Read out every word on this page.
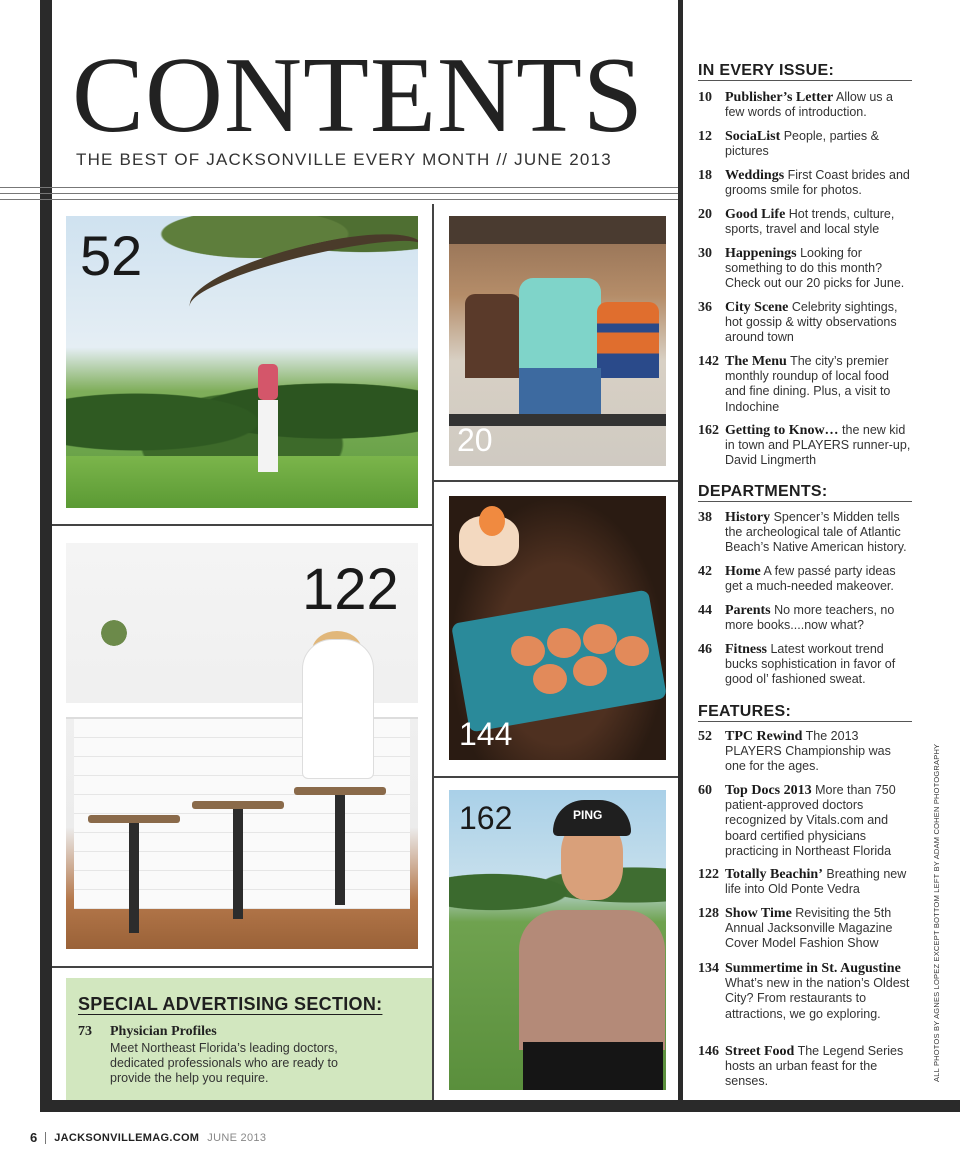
CONTENTS
THE BEST OF JACKSONVILLE EVERY MONTH // JUNE 2013
52
20
122
144
PING
162
SPECIAL ADVERTISING SECTION:
73 Physician Profiles
Meet Northeast Florida’s leading doctors, dedicated professionals who are ready to provide the help you require.
IN EVERY ISSUE:
10 Publisher’s Letter Allow us a few words of introduction.
12 SociaList People, parties & pictures
18 Weddings First Coast brides and grooms smile for photos.
20 Good Life Hot trends, culture, sports, travel and local style
30 Happenings Looking for something to do this month? Check out our 20 picks for June.
36 City Scene Celebrity sightings, hot gossip & witty observations around town
142 The Menu The city’s premier monthly roundup of local food and fine dining. Plus, a visit to Indochine
162 Getting to Know… the new kid in town and PLAYERS runner-up, David Lingmerth
DEPARTMENTS:
38 History Spencer’s Midden tells the archeological tale of Atlantic Beach’s Native American history.
42 Home A few passé party ideas get a much-needed makeover.
44 Parents No more teachers, no more books....now what?
46 Fitness Latest workout trend bucks sophistication in favor of good ol’ fashioned sweat.
FEATURES:
52 TPC Rewind The 2013 PLAYERS Championship was one for the ages.
60 Top Docs 2013 More than 750 patient-approved doctors recognized by Vitals.com and board certified physicians practicing in Northeast Florida
122 Totally Beachin’ Breathing new life into Old Ponte Vedra
128 Show Time Revisiting the 5th Annual Jacksonville Magazine Cover Model Fashion Show
134 Summertime in St. Augustine What’s new in the nation’s Oldest City? From restaurants to attractions, we go exploring.
146 Street Food The Legend Series hosts an urban feast for the senses.	ALL PHOTOS BY AGNES LOPEZ EXCEPT BOTTOM LEFT BY ADAM COHEN PHOTOGRAPHY
6 JACKSONVILLEMAG.COM JUNE 2013
